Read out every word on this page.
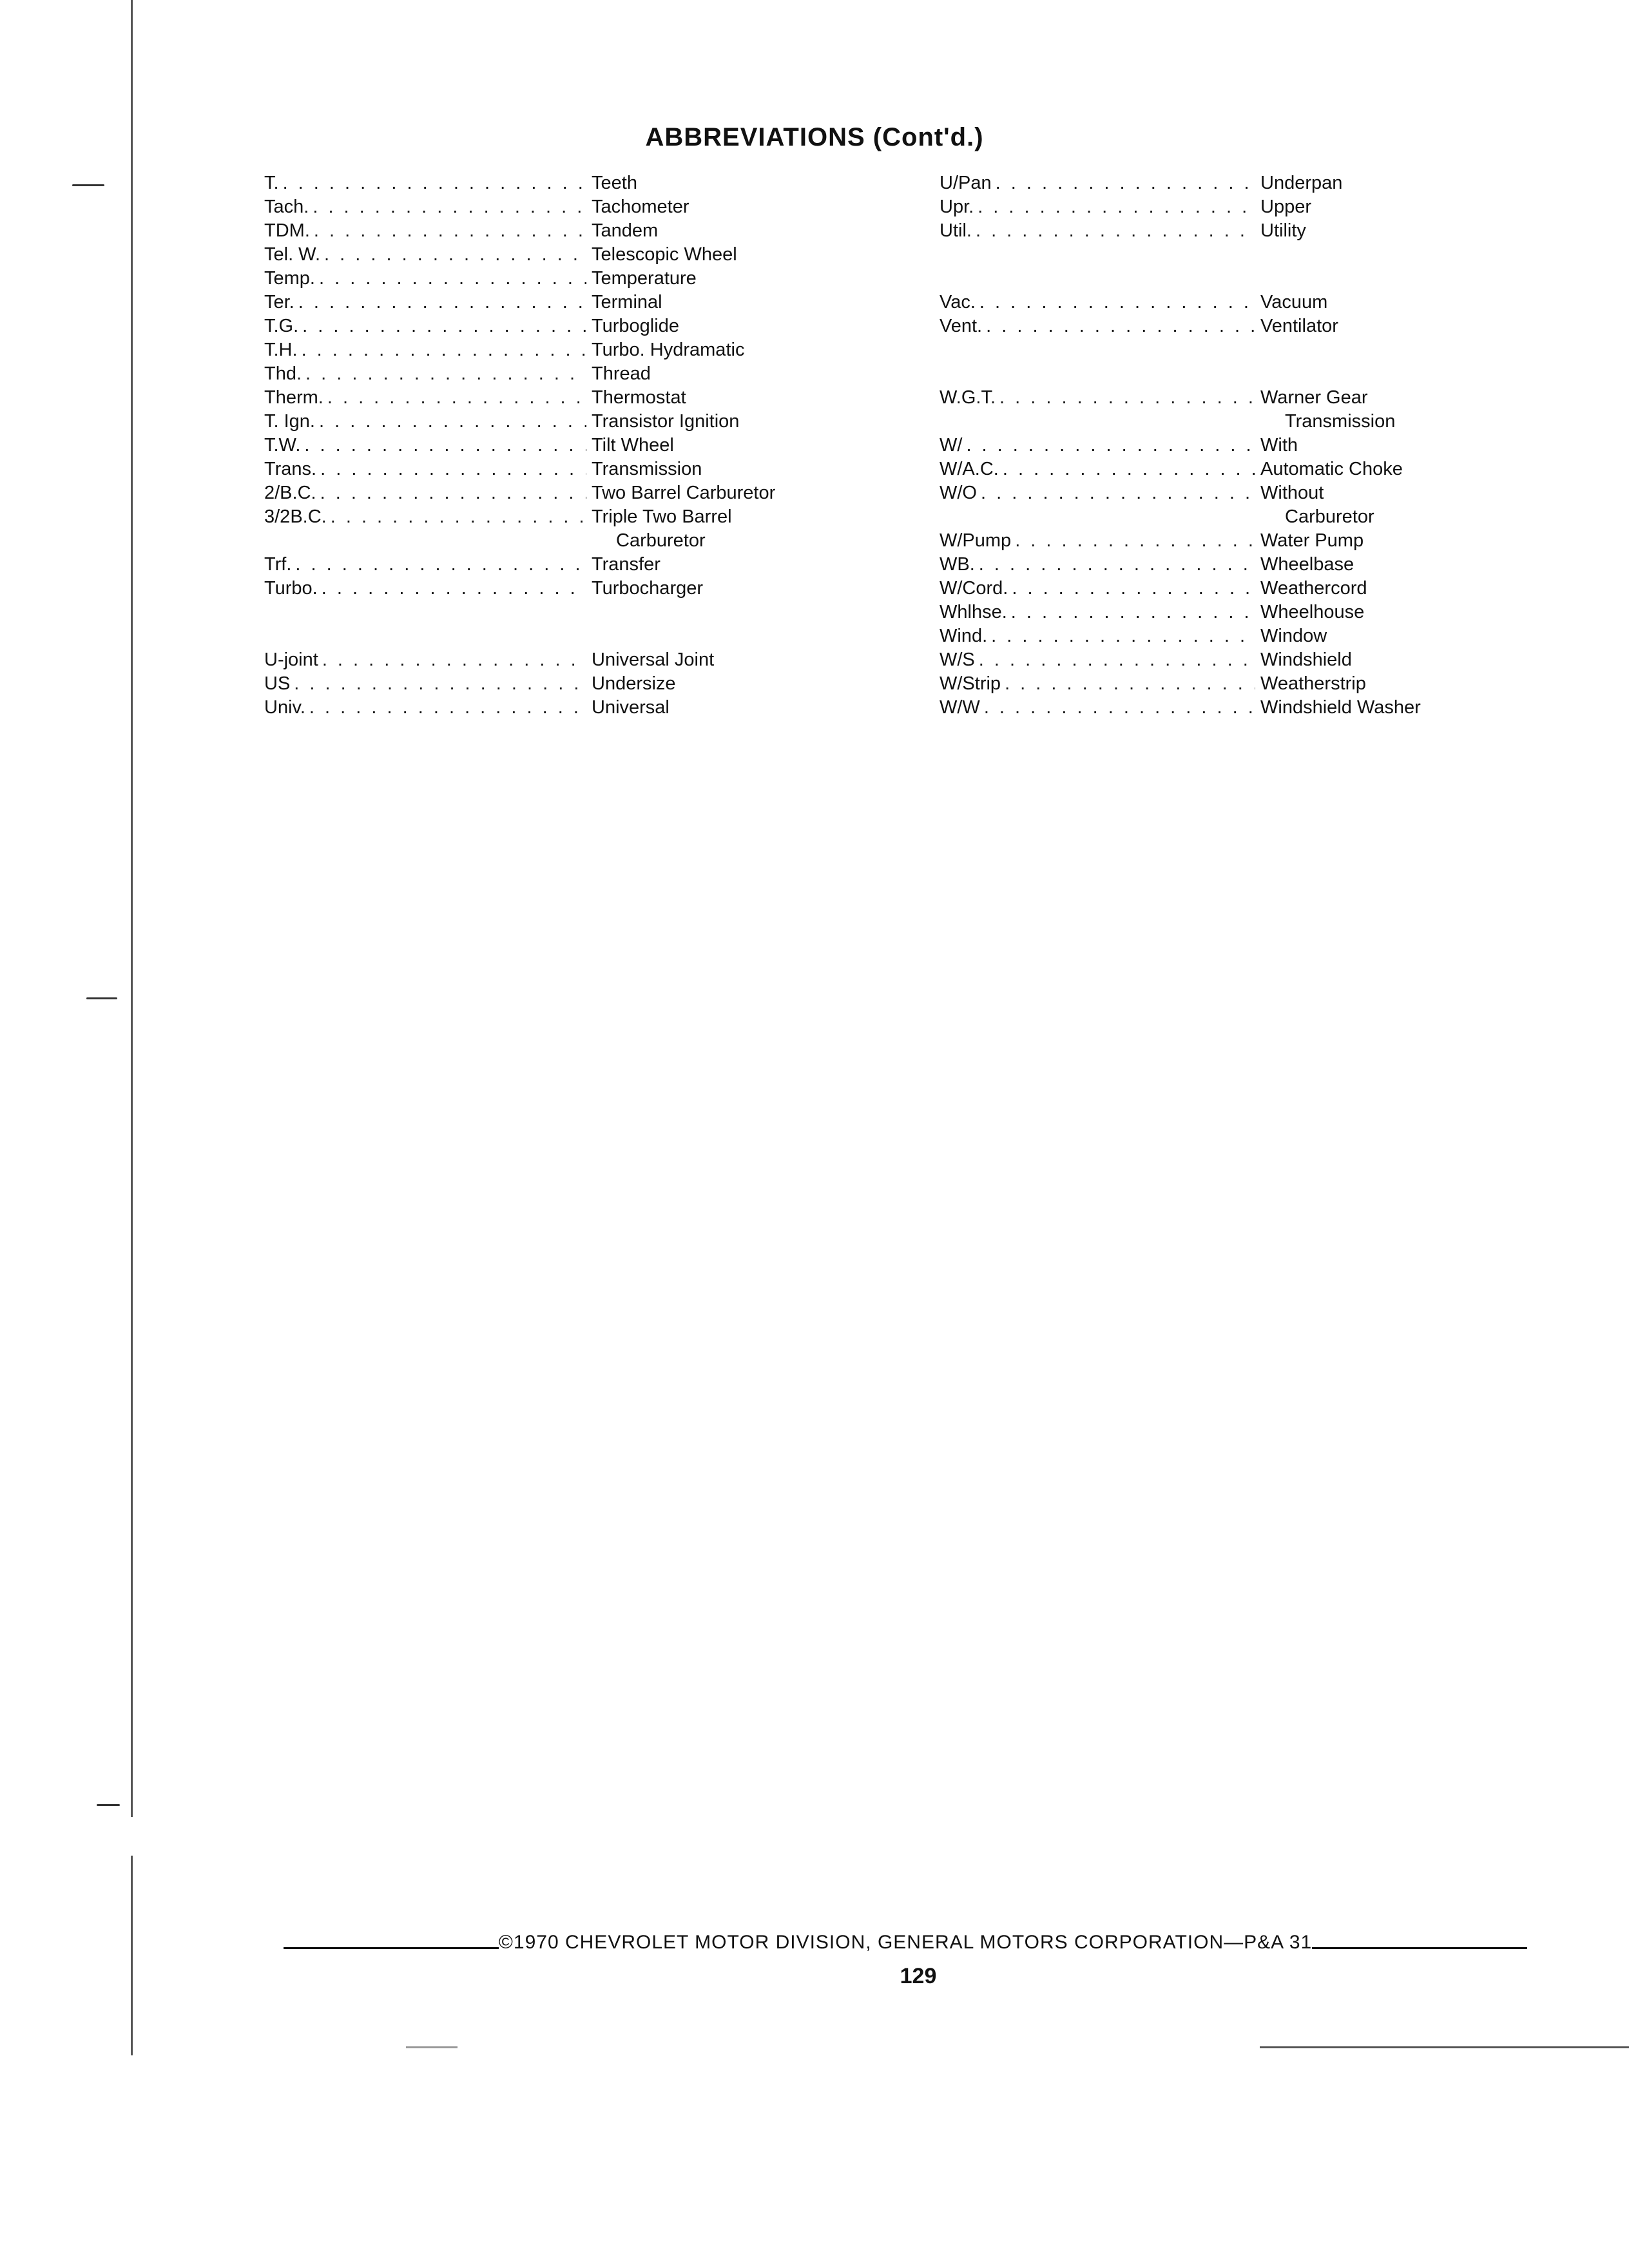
ABBREVIATIONS (Cont'd.)
T. . . .	Teeth
Tach. . . .	Tachometer
TDM. . . .	Tandem
Tel. W. . . .	Telescopic Wheel
Temp. . . .	Temperature
Ter. . . .	Terminal
T.G. . . .	Turboglide
T.H. . . .	Turbo. Hydramatic
Thd. . . .	Thread
Therm. . . .	Thermostat
T. Ign. . . .	Transistor Ignition
T.W. . . .	Tilt Wheel
Trans. . . .	Transmission
2/B.C. . . .	Two Barrel Carburetor
3/2B.C. . . .	Triple Two Barrel
Carburetor
Trf. . . .	Transfer
Turbo. . . .	Turbocharger
U-joint . . .	Universal Joint
US . . .	Undersize
Univ. . . .	Universal
U/Pan . . .	Underpan
Upr. . . .	Upper
Util. . . .	Utility
Vac. . . .	Vacuum
Vent. . . .	Ventilator
W.G.T. . . .	Warner Gear
Transmission
W/ . . .	With
W/A.C. . . .	Automatic Choke
W/O . . .	Without
Carburetor
W/Pump . . .	Water Pump
WB. . . .	Wheelbase
W/Cord. . . .	Weathercord
Whlhse. . . .	Wheelhouse
Wind. . . .	Window
W/S . . .	Windshield
W/Strip . . .	Weatherstrip
W/W . . .	Windshield Washer
©1970 CHEVROLET MOTOR DIVISION, GENERAL MOTORS CORPORATION—P&A 31
129
